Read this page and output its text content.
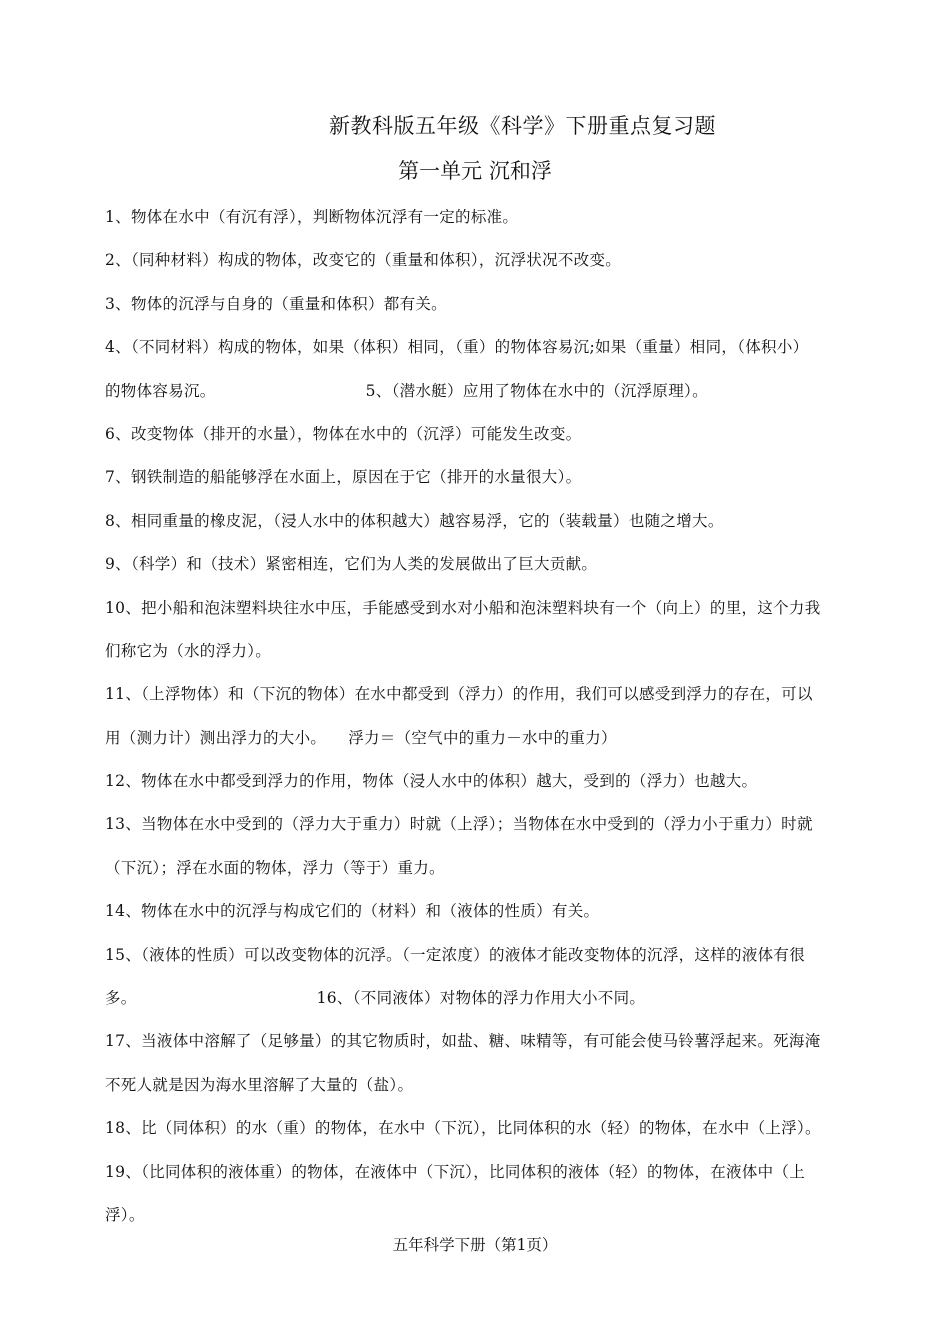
新教科版五年级《科学》下册重点复习题
第一单元 沉和浮
1、物体在水中（有沉有浮），判断物体沉浮有一定的标准。
2、（同种材料）构成的物体，改变它的（重量和体积），沉浮状况不改变。
3、物体的沉浮与自身的（重量和体积）都有关。
4、（不同材料）构成的物体，如果（体积）相同，（重）的物体容易沉;如果（重量）相同，（体积小）
的物体容易沉。	5、（潜水艇）应用了物体在水中的（沉浮原理）。
6、改变物体（排开的水量），物体在水中的（沉浮）可能发生改变。
7、钢铁制造的船能够浮在水面上，原因在于它（排开的水量很大）。
8、相同重量的橡皮泥，（浸人水中的体积越大）越容易浮，它的（装载量）也随之增大。
9、（科学）和（技术）紧密相连，它们为人类的发展做出了巨大贡献。
10、把小船和泡沫塑料块往水中压，手能感受到水对小船和泡沫塑料块有一个（向上）的里，这个力我
们称它为（水的浮力）。
11、（上浮物体）和（下沉的物体）在水中都受到（浮力）的作用，我们可以感受到浮力的存在，可以
用（测力计）测出浮力的大小。 浮力＝（空气中的重力－水中的重力）
12、物体在水中都受到浮力的作用，物体（浸人水中的体积）越大，受到的（浮力）也越大。
13、当物体在水中受到的（浮力大于重力）时就（上浮）；当物体在水中受到的（浮力小于重力）时就
（下沉）；浮在水面的物体，浮力（等于）重力。
14、物体在水中的沉浮与构成它们的（材料）和（液体的性质）有关。
15、（液体的性质）可以改变物体的沉浮。（一定浓度）的液体才能改变物体的沉浮，这样的液体有很
多。	16、（不同液体）对物体的浮力作用大小不同。
17、当液体中溶解了（足够量）的其它物质时，如盐、糖、味精等，有可能会使马铃薯浮起来。死海淹
不死人就是因为海水里溶解了大量的（盐）。
18、比（同体积）的水（重）的物体，在水中（下沉），比同体积的水（轻）的物体，在水中（上浮）。
19、（比同体积的液体重）的物体，在液体中（下沉），比同体积的液体（轻）的物体，在液体中（上
浮）。
五年科学下册（第1页）
